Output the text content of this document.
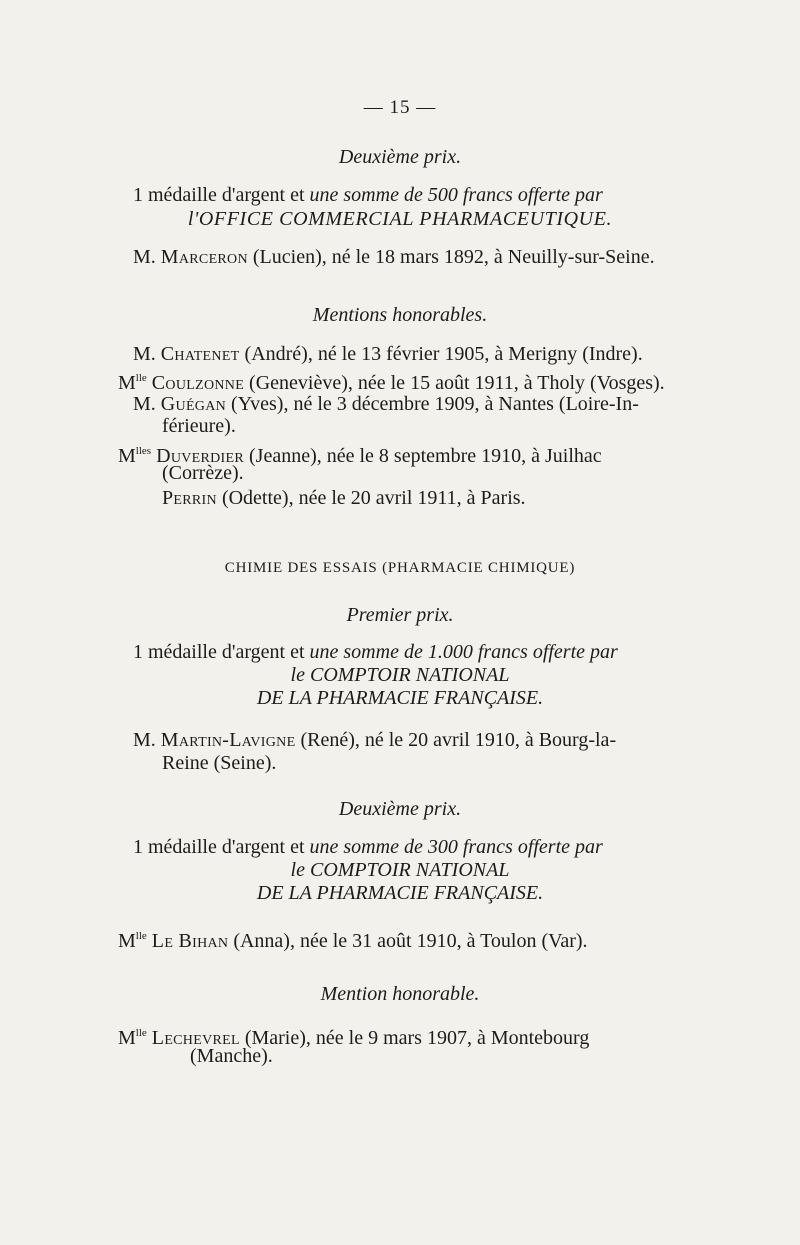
— 15 —
Deuxième prix.
1 médaille d'argent et une somme de 500 francs offerte par
l'OFFICE COMMERCIAL PHARMACEUTIQUE.
M. Marceron (Lucien), né le 18 mars 1892, à Neuilly-sur-Seine.
Mentions honorables.
M. Chatenet (André), né le 13 février 1905, à Merigny (Indre).
$M^{lle}$ Coulzonne (Geneviève), née le 15 août 1911, à Tholy (Vosges).
M. Guégan (Yves), né le 3 décembre 1909, à Nantes (Loire-In-
férieure).
$M^{lles}$ Duverdier (Jeanne), née le 8 septembre 1910, à Juilhac
(Corrèze).
Perrin (Odette), née le 20 avril 1911, à Paris.
CHIMIE DES ESSAIS (PHARMACIE CHIMIQUE)
Premier prix.
1 médaille d'argent et une somme de 1.000 francs offerte par
le COMPTOIR NATIONAL
DE LA PHARMACIE FRANÇAISE.
M. Martin-Lavigne (René), né le 20 avril 1910, à Bourg-la-
Reine (Seine).
Deuxième prix.
1 médaille d'argent et une somme de 300 francs offerte par
le COMPTOIR NATIONAL
DE LA PHARMACIE FRANÇAISE.
$M^{lle}$ Le Bihan (Anna), née le 31 août 1910, à Toulon (Var).
Mention honorable.
$M^{lle}$ Lechevrel (Marie), née le 9 mars 1907, à Montebourg
(Manche).
